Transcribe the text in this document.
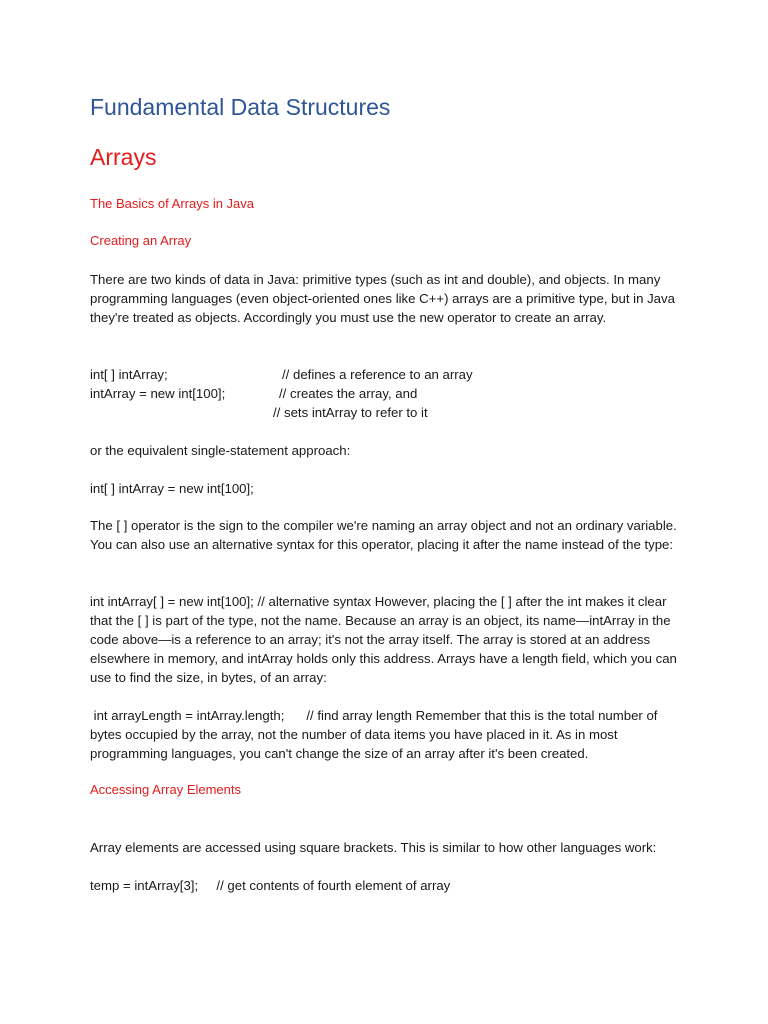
Fundamental Data Structures
Arrays
The Basics of Arrays in Java
Creating an Array
There are two kinds of data in Java: primitive types (such as int and double), and objects. In many programming languages (even object-oriented ones like C++) arrays are a primitive type, but in Java they're treated as objects. Accordingly you must use the new operator to create an array.
int[ ] intArray;	// defines a reference to an array
intArray = new int[100];	// creates the array, and
// sets intArray to refer to it
or the equivalent single-statement approach:
int[ ] intArray = new int[100];
The [ ] operator is the sign to the compiler we're naming an array object and not an ordinary variable. You can also use an alternative syntax for this operator, placing it after the name instead of the type:
int intArray[ ] = new int[100]; // alternative syntax However, placing the [ ] after the int makes it clear that the [ ] is part of the type, not the name. Because an array is an object, its name—intArray in the code above—is a reference to an array; it's not the array itself. The array is stored at an address elsewhere in memory, and intArray holds only this address. Arrays have a length field, which you can use to find the size, in bytes, of an array:
int arrayLength = intArray.length;      // find array length Remember that this is the total number of bytes occupied by the array, not the number of data items you have placed in it. As in most programming languages, you can't change the size of an array after it's been created.
Accessing Array Elements
Array elements are accessed using square brackets. This is similar to how other languages work:
temp = intArray[3];     // get contents of fourth element of array
